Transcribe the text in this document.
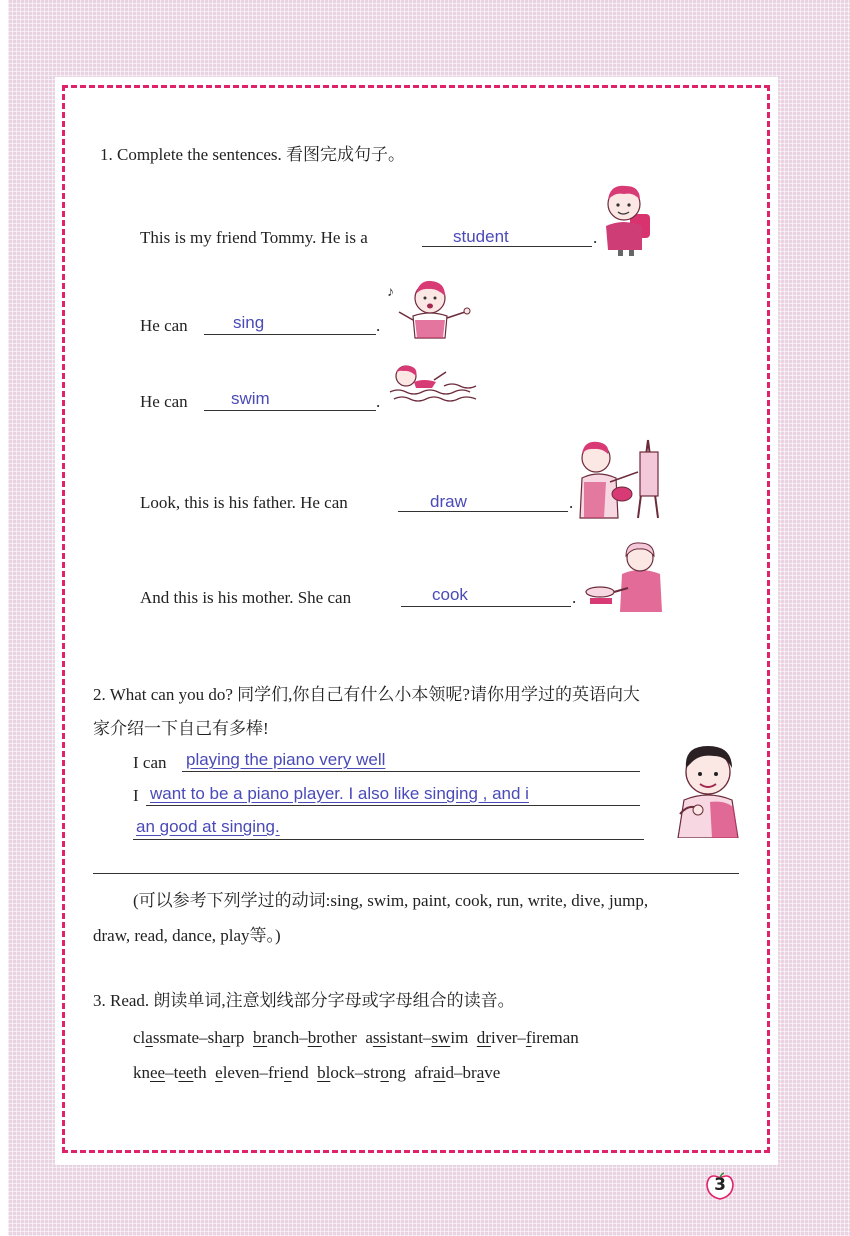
1. Complete the sentences. 看图完成句子。
This is my friend Tommy. He is a	student	.
He can	sing	.
He can	swim	.
Look, this is his father. He can	draw	.
And this is his mother. She can	cook	.
♪
2. What can you do? 同学们,你自己有什么小本领呢?请你用学过的英语向大
家介绍一下自己有多棒!
I can playing the piano very well
I want to be a piano player. I also like singing , and i
an good at singing.
(可以参考下列学过的动词:sing, swim, paint, cook, run, write, dive, jump,
draw, read, dance, play等。)
3. Read. 朗读单词,注意划线部分字母或字母组合的读音。
classmate–sharp branch–brother assistant–swim driver–fireman
knee–teeth eleven–friend block–strong afraid–brave
3
